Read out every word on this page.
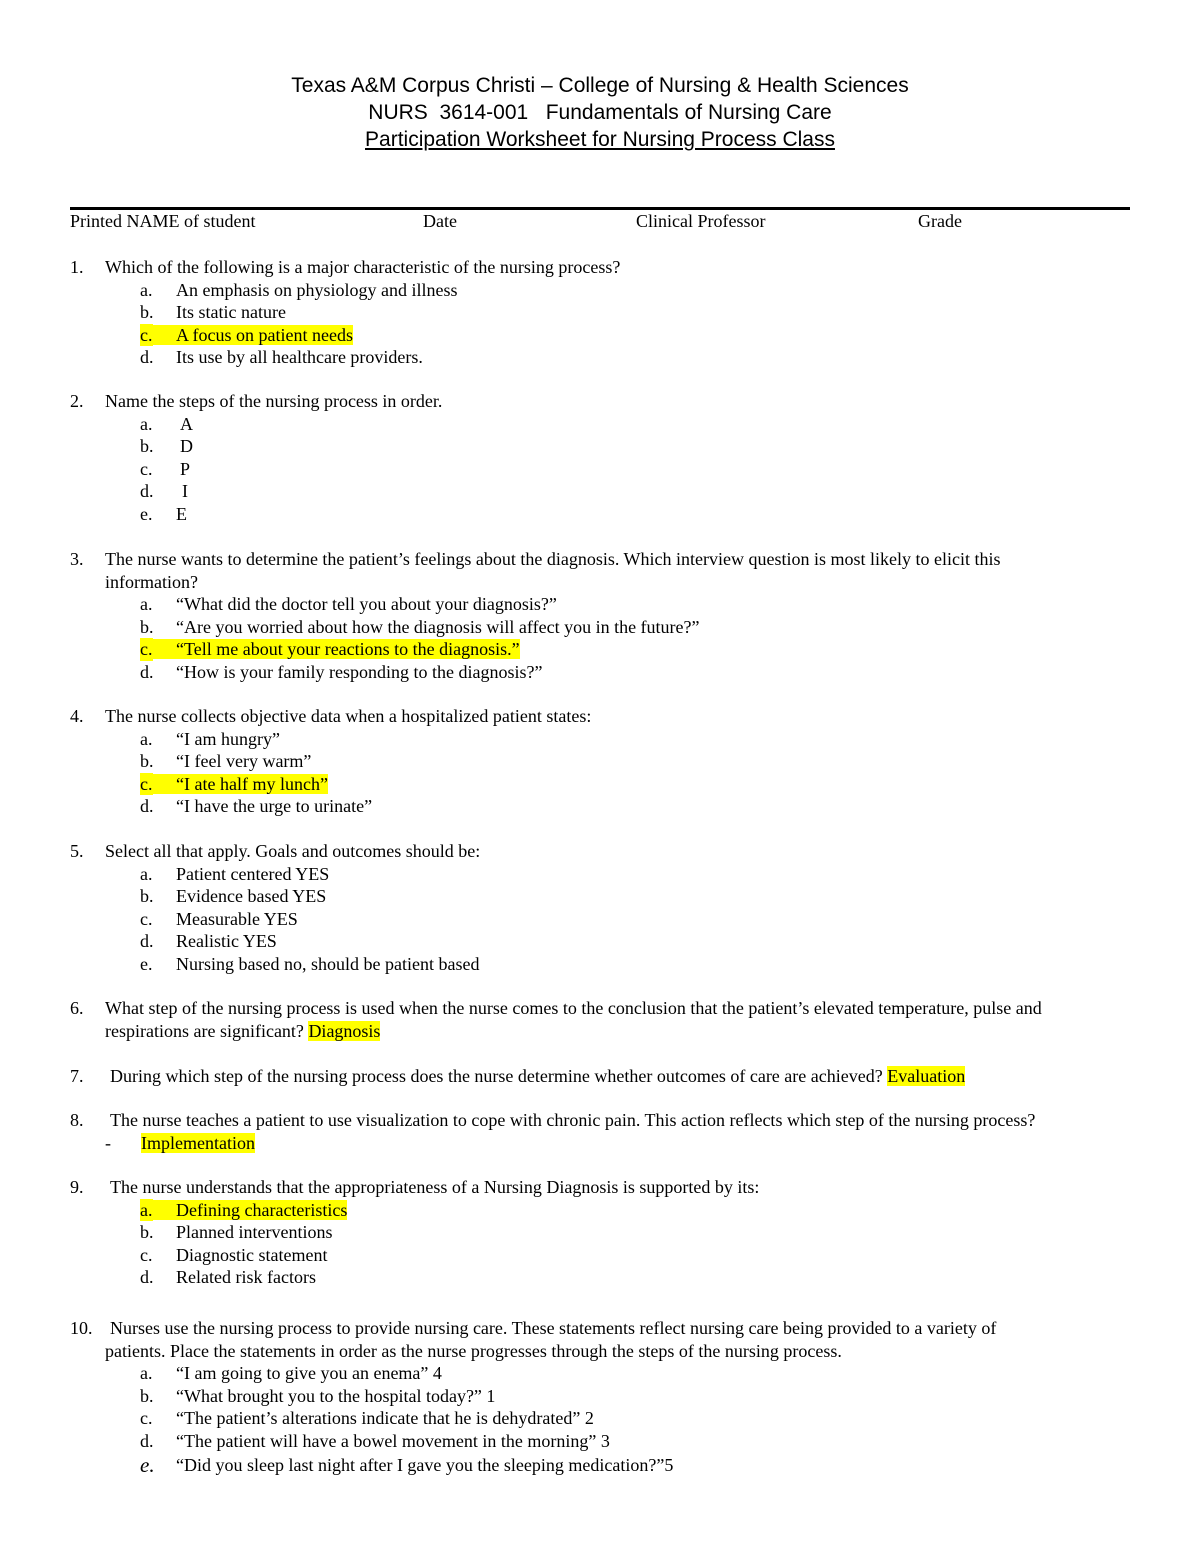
Texas A&M Corpus Christi – College of Nursing & Health Sciences
NURS  3614-001   Fundamentals of Nursing Care
Participation Worksheet for Nursing Process Class
Printed NAME of student	Date	Clinical Professor	Grade
1. Which of the following is a major characteristic of the nursing process?
a. An emphasis on physiology and illness
b. Its static nature
c. A focus on patient needs
d. Its use by all healthcare providers.
2. Name the steps of the nursing process in order.
a. A
b. D
c. P
d. I
e. E
3. The nurse wants to determine the patient’s feelings about the diagnosis. Which interview question is most likely to elicit this
information?
a. “What did the doctor tell you about your diagnosis?”
b. “Are you worried about how the diagnosis will affect you in the future?”
c. “Tell me about your reactions to the diagnosis.”
d. “How is your family responding to the diagnosis?”
4. The nurse collects objective data when a hospitalized patient states:
a. “I am hungry”
b. “I feel very warm”
c. “I ate half my lunch”
d. “I have the urge to urinate”
5. Select all that apply. Goals and outcomes should be:
a. Patient centered YES
b. Evidence based YES
c. Measurable YES
d. Realistic YES
e. Nursing based no, should be patient based
6. What step of the nursing process is used when the nurse comes to the conclusion that the patient’s elevated temperature, pulse and
respirations are significant? Diagnosis
7. During which step of the nursing process does the nurse determine whether outcomes of care are achieved? Evaluation
8. The nurse teaches a patient to use visualization to cope with chronic pain. This action reflects which step of the nursing process?
- Implementation
9. The nurse understands that the appropriateness of a Nursing Diagnosis is supported by its:
a. Defining characteristics
b. Planned interventions
c. Diagnostic statement
d. Related risk factors
10. Nurses use the nursing process to provide nursing care. These statements reflect nursing care being provided to a variety of
patients. Place the statements in order as the nurse progresses through the steps of the nursing process.
a. “I am going to give you an enema” 4
b. “What brought you to the hospital today?” 1
c. “The patient’s alterations indicate that he is dehydrated” 2
d. “The patient will have a bowel movement in the morning” 3
e. “Did you sleep last night after I gave you the sleeping medication?”5
